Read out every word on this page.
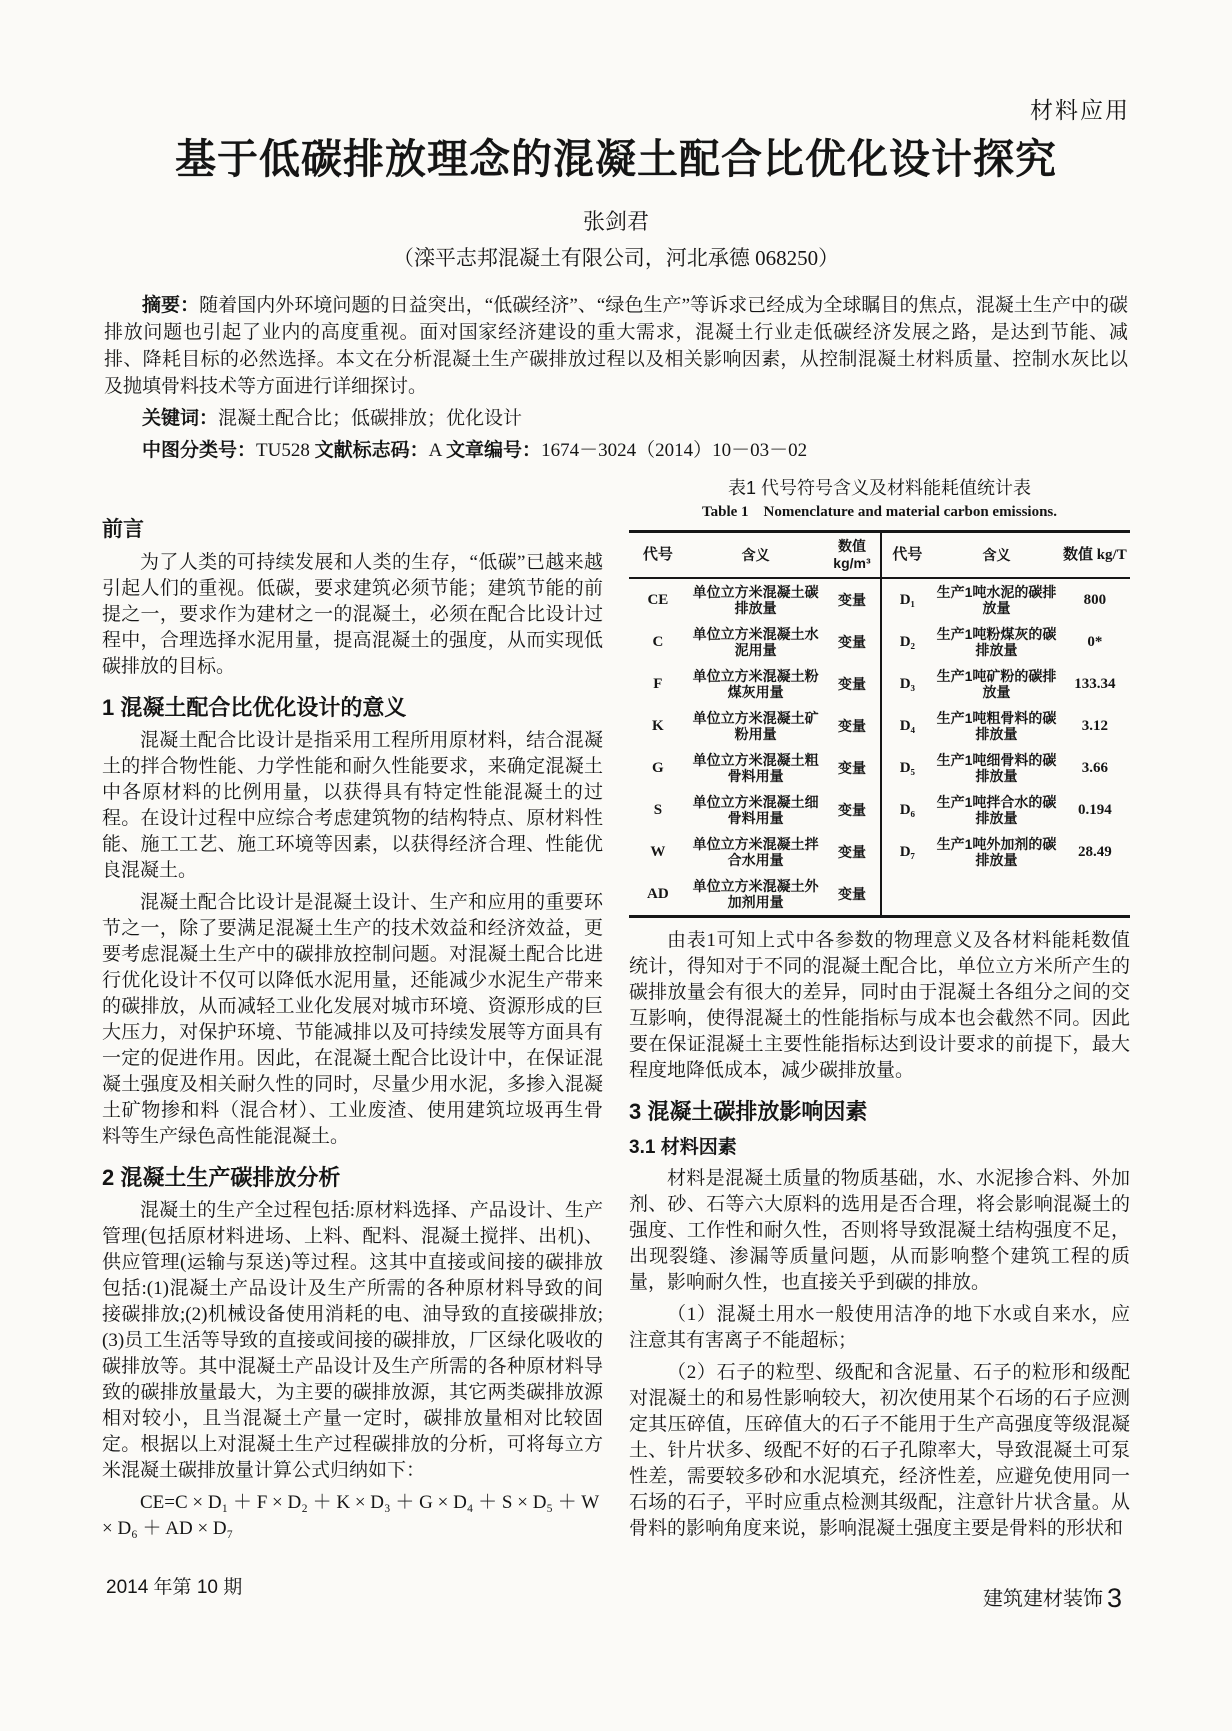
材料应用
基于低碳排放理念的混凝土配合比优化设计探究
张剑君
（滦平志邦混凝土有限公司，河北承德 068250）

摘要：随着国内外环境问题的日益突出，“低碳经济”、“绿色生产”等诉求已经成为全球瞩目的焦点，混凝土生产中的碳排放问题也引起了业内的高度重视。面对国家经济建设的重大需求，混凝土行业走低碳经济发展之路，是达到节能、减排、降耗目标的必然选择。本文在分析混凝土生产碳排放过程以及相关影响因素，从控制混凝土材料质量、控制水灰比以及抛填骨料技术等方面进行详细探讨。

关键词：混凝土配合比；低碳排放；优化设计

中图分类号：TU528 文献标志码：A 文章编号：1674－3024（2014）10－03－02

前言

为了人类的可持续发展和人类的生存，“低碳”已越来越引起人们的重视。低碳，要求建筑必须节能；建筑节能的前提之一，要求作为建材之一的混凝土，必须在配合比设计过程中，合理选择水泥用量，提高混凝土的强度，从而实现低碳排放的目标。

1 混凝土配合比优化设计的意义

混凝土配合比设计是指采用工程所用原材料，结合混凝土的拌合物性能、力学性能和耐久性能要求，来确定混凝土中各原材料的比例用量，以获得具有特定性能混凝土的过程。在设计过程中应综合考虑建筑物的结构特点、原材料性能、施工工艺、施工环境等因素，以获得经济合理、性能优良混凝土。

混凝土配合比设计是混凝土设计、生产和应用的重要环节之一，除了要满足混凝土生产的技术效益和经济效益，更要考虑混凝土生产中的碳排放控制问题。对混凝土配合比进行优化设计不仅可以降低水泥用量，还能减少水泥生产带来的碳排放，从而减轻工业化发展对城市环境、资源形成的巨大压力，对保护环境、节能减排以及可持续发展等方面具有一定的促进作用。因此，在混凝土配合比设计中，在保证混凝土强度及相关耐久性的同时，尽量少用水泥，多掺入混凝土矿物掺和料（混合材）、工业废渣、使用建筑垃圾再生骨料等生产绿色高性能混凝土。

2 混凝土生产碳排放分析

混凝土的生产全过程包括:原材料选择、产品设计、生产管理(包括原材料进场、上料、配料、混凝土搅拌、出机)、供应管理(运输与泵送)等过程。这其中直接或间接的碳排放包括:(1)混凝土产品设计及生产所需的各种原材料导致的间接碳排放;(2)机械设备使用消耗的电、油导致的直接碳排放;(3)员工生活等导致的直接或间接的碳排放，厂区绿化吸收的碳排放等。其中混凝土产品设计及生产所需的各种原材料导致的碳排放量最大，为主要的碳排放源，其它两类碳排放源相对较小，且当混凝土产量一定时，碳排放量相对比较固定。根据以上对混凝土生产过程碳排放的分析，可将每立方米混凝土碳排放量计算公式归纳如下：

CE=C × D₁ ＋ F × D₂ ＋ K × D₃ ＋ G × D₄ ＋ S × D₅ ＋ W × D₆ ＋ AD × D₇

表1 代号符号含义及材料能耗值统计表
Table 1　Nomenclature and material carbon emissions.
代号	含义	数值 kg/m³	代号	含义	数值 kg/T
CE	单位立方米混凝土碳排放量	变量	D₁	生产1吨水泥的碳排放量	800
C	单位立方米混凝土水泥用量	变量	D₂	生产1吨粉煤灰的碳排放量	0*
F	单位立方米混凝土粉煤灰用量	变量	D₃	生产1吨矿粉的碳排放量	133.34
K	单位立方米混凝土矿粉用量	变量	D₄	生产1吨粗骨料的碳排放量	3.12
G	单位立方米混凝土粗骨料用量	变量	D₅	生产1吨细骨料的碳排放量	3.66
S	单位立方米混凝土细骨料用量	变量	D₆	生产1吨拌合水的碳排放量	0.194
W	单位立方米混凝土拌合水用量	变量	D₇	生产1吨外加剂的碳排放量	28.49
AD	单位立方米混凝土外加剂用量	变量			

由表1可知上式中各参数的物理意义及各材料能耗数值统计，得知对于不同的混凝土配合比，单位立方米所产生的碳排放量会有很大的差异，同时由于混凝土各组分之间的交互影响，使得混凝土的性能指标与成本也会截然不同。因此要在保证混凝土主要性能指标达到设计要求的前提下，最大程度地降低成本，减少碳排放量。

3 混凝土碳排放影响因素
3.1 材料因素

材料是混凝土质量的物质基础，水、水泥掺合料、外加剂、砂、石等六大原料的选用是否合理，将会影响混凝土的强度、工作性和耐久性，否则将导致混凝土结构强度不足，出现裂缝、渗漏等质量问题，从而影响整个建筑工程的质量，影响耐久性，也直接关乎到碳的排放。

（1）混凝土用水一般使用洁净的地下水或自来水，应注意其有害离子不能超标；

（2）石子的粒型、级配和含泥量、石子的粒形和级配对混凝土的和易性影响较大，初次使用某个石场的石子应测定其压碎值，压碎值大的石子不能用于生产高强度等级混凝土、针片状多、级配不好的石子孔隙率大，导致混凝土可泵性差，需要较多砂和水泥填充，经济性差，应避免使用同一石场的石子，平时应重点检测其级配，注意针片状含量。从骨料的影响角度来说，影响混凝土强度主要是骨料的形状和

2014 年第 10 期
建筑建材装饰 3
